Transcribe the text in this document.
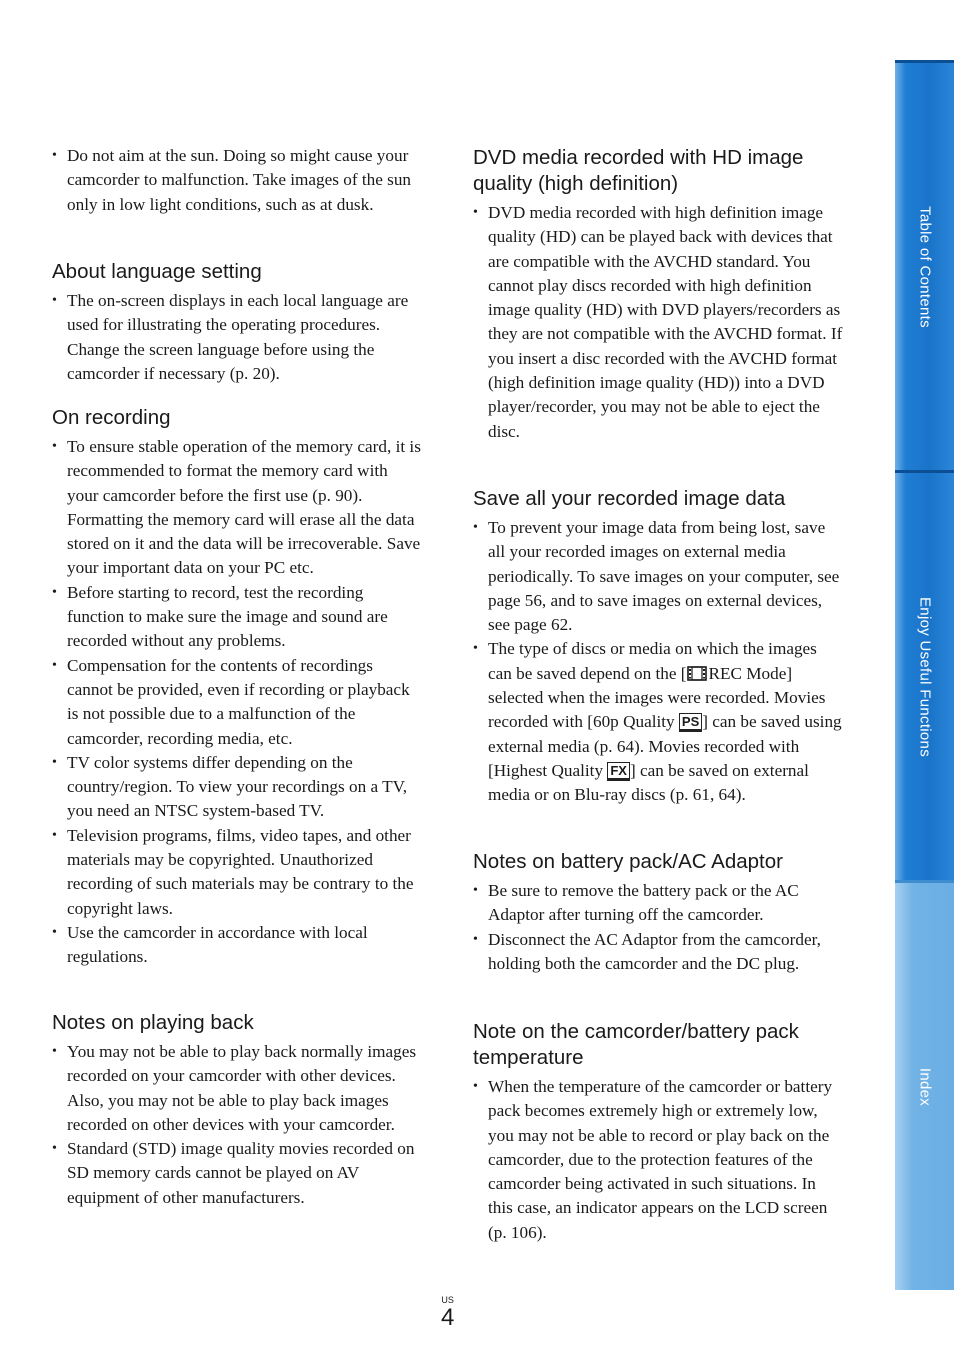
• Do not aim at the sun. Doing so might cause your camcorder to malfunction. Take images of the sun only in low light conditions, such as at dusk.
About language setting
• The on-screen displays in each local language are used for illustrating the operating procedures. Change the screen language before using the camcorder if necessary (p. 20).
On recording
• To ensure stable operation of the memory card, it is recommended to format the memory card with your camcorder before the first use (p. 90). Formatting the memory card will erase all the data stored on it and the data will be irrecoverable. Save your important data on your PC etc.
• Before starting to record, test the recording function to make sure the image and sound are recorded without any problems.
• Compensation for the contents of recordings cannot be provided, even if recording or playback is not possible due to a malfunction of the camcorder, recording media, etc.
• TV color systems differ depending on the country/region. To view your recordings on a TV, you need an NTSC system-based TV.
• Television programs, films, video tapes, and other materials may be copyrighted. Unauthorized recording of such materials may be contrary to the copyright laws.
• Use the camcorder in accordance with local regulations.
Notes on playing back
• You may not be able to play back normally images recorded on your camcorder with other devices. Also, you may not be able to play back images recorded on other devices with your camcorder.
• Standard (STD) image quality movies recorded on SD memory cards cannot be played on AV equipment of other manufacturers.
DVD media recorded with HD image quality (high definition)
• DVD media recorded with high definition image quality (HD) can be played back with devices that are compatible with the AVCHD standard. You cannot play discs recorded with high definition image quality (HD) with DVD players/recorders as they are not compatible with the AVCHD format. If you insert a disc recorded with the AVCHD format (high definition image quality (HD)) into a DVD player/recorder, you may not be able to eject the disc.
Save all your recorded image data
• To prevent your image data from being lost, save all your recorded images on external media periodically. To save images on your computer, see page 56, and to save images on external devices, see page 62.
• The type of discs or media on which the images can be saved depend on the [ REC Mode] selected when the images were recorded. Movies recorded with [60p Quality PS ] can be saved using external media (p. 64). Movies recorded with [Highest Quality FX ] can be saved on external media or on Blu-ray discs (p. 61, 64).
Notes on battery pack/AC Adaptor
• Be sure to remove the battery pack or the AC Adaptor after turning off the camcorder.
• Disconnect the AC Adaptor from the camcorder, holding both the camcorder and the DC plug.
Note on the camcorder/battery pack temperature
• When the temperature of the camcorder or battery pack becomes extremely high or extremely low, you may not be able to record or play back on the camcorder, due to the protection features of the camcorder being activated in such situations. In this case, an indicator appears on the LCD screen (p. 106).
Table of Contents
Enjoy Useful Functions
Index
US
4
